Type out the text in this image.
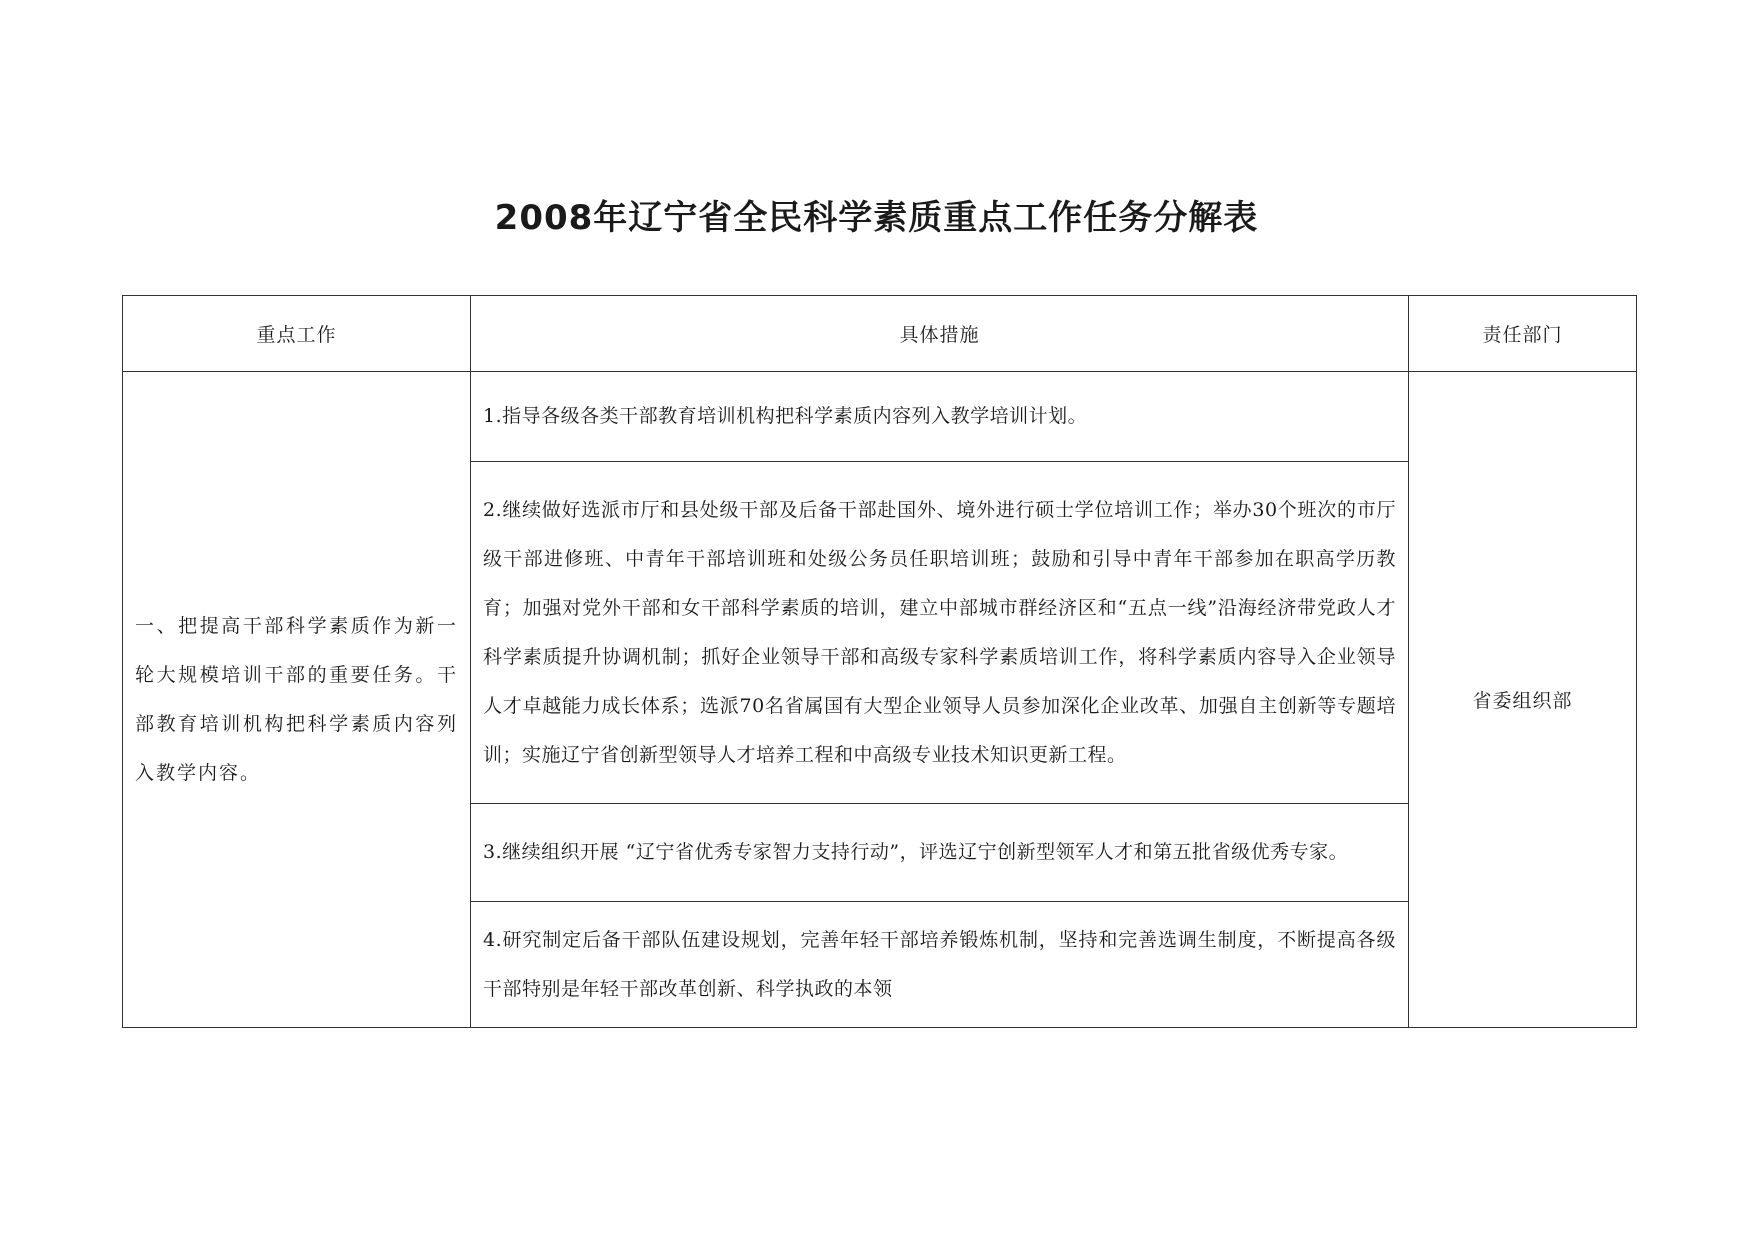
2008年辽宁省全民科学素质重点工作任务分解表
重点工作	具体措施	责任部门
一、把提高干部科学素质作为新一轮大规模培训干部的重要任务。干部教育培训机构把科学素质内容列入教学内容。	1.指导各级各类干部教育培训机构把科学素质内容列入教学培训计划。	省委组织部
	2.继续做好选派市厅和县处级干部及后备干部赴国外、境外进行硕士学位培训工作；举办30个班次的市厅级干部进修班、中青年干部培训班和处级公务员任职培训班；鼓励和引导中青年干部参加在职高学历教育；加强对党外干部和女干部科学素质的培训，建立中部城市群经济区和“五点一线”沿海经济带党政人才科学素质提升协调机制；抓好企业领导干部和高级专家科学素质培训工作，将科学素质内容导入企业领导人才卓越能力成长体系；选派70名省属国有大型企业领导人员参加深化企业改革、加强自主创新等专题培训；实施辽宁省创新型领导人才培养工程和中高级专业技术知识更新工程。	
	3.继续组织开展 “辽宁省优秀专家智力支持行动”，评选辽宁创新型领军人才和第五批省级优秀专家。	
	4.研究制定后备干部队伍建设规划，完善年轻干部培养锻炼机制，坚持和完善选调生制度，不断提高各级干部特别是年轻干部改革创新、科学执政的本领	
